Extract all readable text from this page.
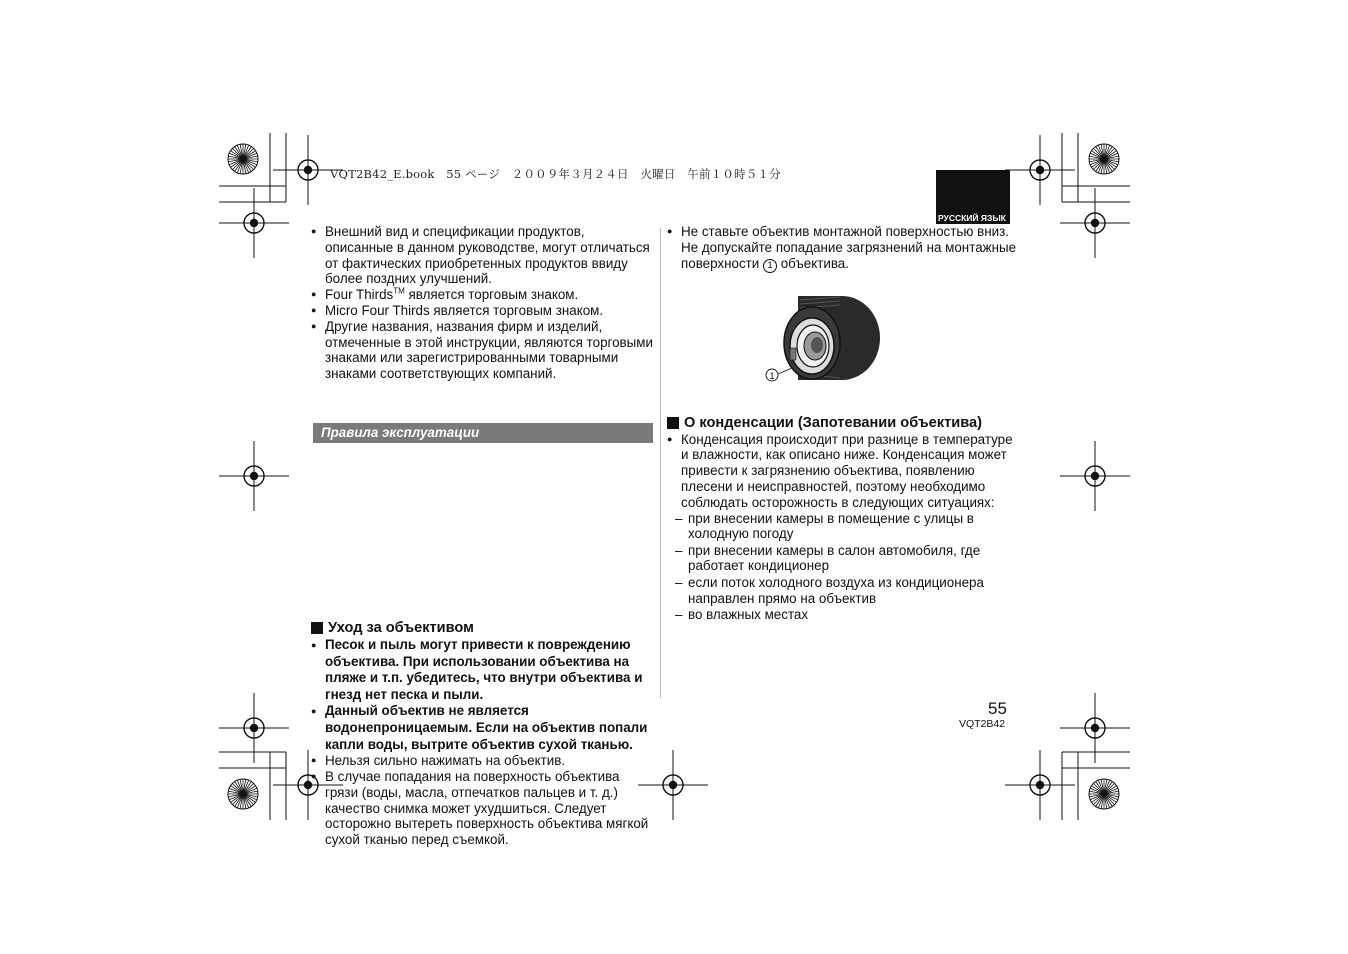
VQT2B42_E.book　55 ページ　２００９年３月２４日　火曜日　午前１０時５１分
РУССКИЙ ЯЗЫК
● Внешний вид и спецификации продуктов, описанные в данном руководстве, могут отличаться от фактических приобретенных продуктов ввиду более поздних улучшений.
● Four Thirds™ является торговым знаком.
● Micro Four Thirds является торговым знаком.
● Другие названия, названия фирм и изделий, отмеченные в этой инструкции, являются торговыми знаками или зарегистрированными товарными знаками соответствующих компаний.
Уход за объективом
● Песок и пыль могут привести к повреждению объектива. При использовании объектива на пляже и т.п. убедитесь, что внутри объектива и гнезд нет песка и пыли.
● Данный объектив не является водонепроницаемым. Если на объектив попали капли воды, вытрите объектив сухой тканью.
● Нельзя сильно нажимать на объектив.
● В случае попадания на поверхность объектива грязи (воды, масла, отпечатков пальцев и т. д.) качество снимка может ухудшиться. Следует осторожно вытереть поверхность объектива мягкой сухой тканью перед съемкой.
Правила эксплуатации
● Не ставьте объектив монтажной поверхностью вниз. Не допускайте попадание загрязнений на монтажные поверхности 1 объектива.
О конденсации (Запотевании объектива)
● Конденсация происходит при разнице в температуре и влажности, как описано ниже. Конденсация может привести к загрязнению объектива, появлению плесени и неисправностей, поэтому необходимо соблюдать осторожность в следующих ситуациях:
– при внесении камеры в помещение с улицы в холодную погоду
– при внесении камеры в салон автомобиля, где работает кондиционер
– если поток холодного воздуха из кондиционера направлен прямо на объектив
– во влажных местах
1
55
VQT2B42
